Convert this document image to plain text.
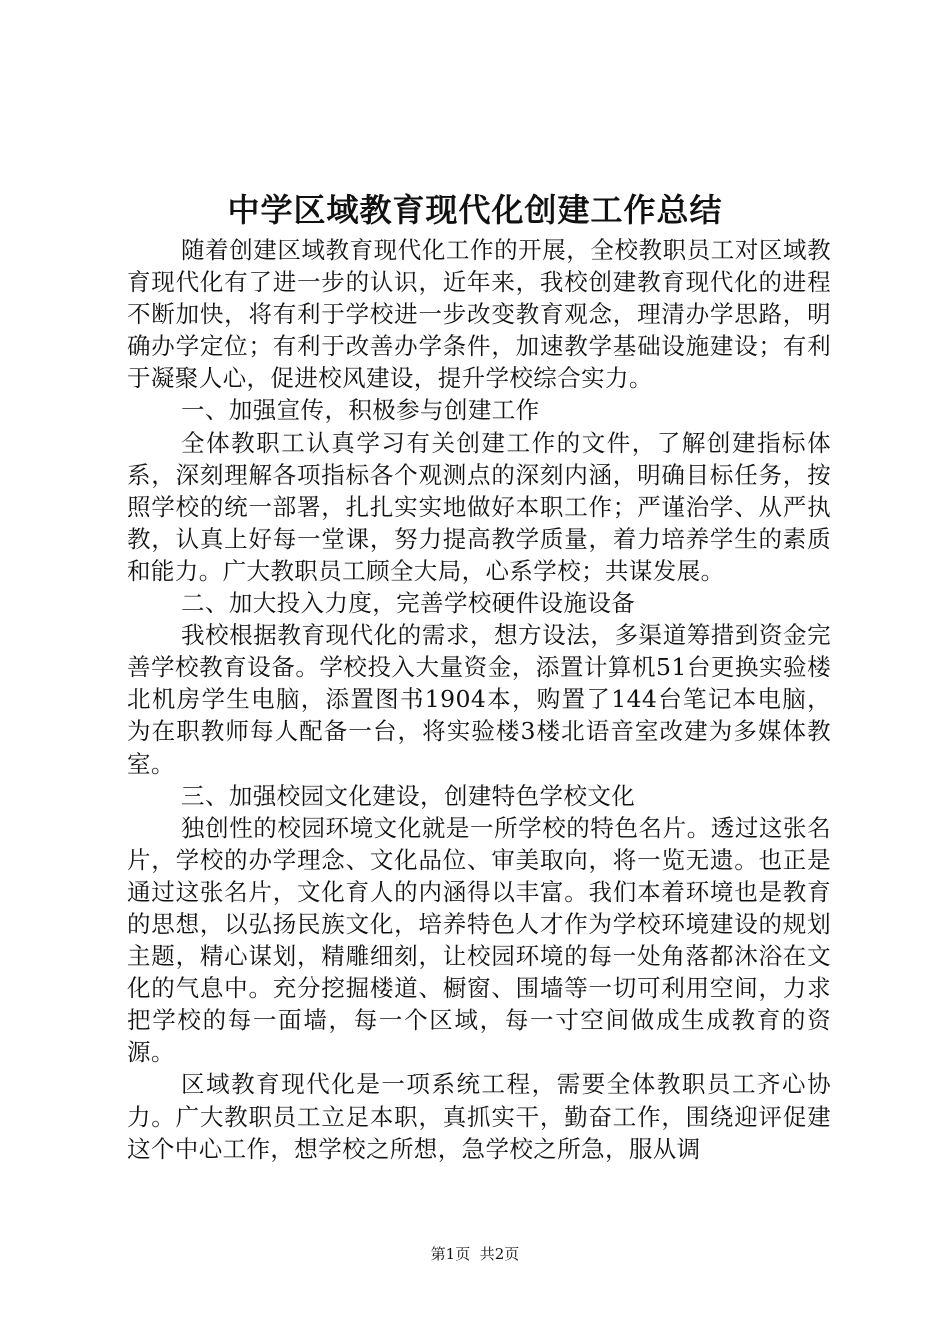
中学区域教育现代化创建工作总结

随着创建区域教育现代化工作的开展，全校教职员工对区域教育现代化有了进一步的认识，近年来，我校创建教育现代化的进程不断加快，将有利于学校进一步改变教育观念，理清办学思路，明确办学定位；有利于改善办学条件，加速教学基础设施建设；有利于凝聚人心，促进校风建设，提升学校综合实力。

一、加强宣传，积极参与创建工作

全体教职工认真学习有关创建工作的文件，了解创建指标体系，深刻理解各项指标各个观测点的深刻内涵，明确目标任务，按照学校的统一部署，扎扎实实地做好本职工作；严谨治学、从严执教，认真上好每一堂课，努力提高教学质量，着力培养学生的素质和能力。广大教职员工顾全大局，心系学校；共谋发展。

二、加大投入力度，完善学校硬件设施设备

我校根据教育现代化的需求，想方设法，多渠道筹措到资金完善学校教育设备。学校投入大量资金，添置计算机51台更换实验楼北机房学生电脑，添置图书1904本，购置了144台笔记本电脑，为在职教师每人配备一台，将实验楼3楼北语音室改建为多媒体教室。

三、加强校园文化建设，创建特色学校文化

独创性的校园环境文化就是一所学校的特色名片。透过这张名片，学校的办学理念、文化品位、审美取向，将一览无遗。也正是通过这张名片，文化育人的内涵得以丰富。我们本着环境也是教育的思想，以弘扬民族文化，培养特色人才作为学校环境建设的规划主题，精心谋划，精雕细刻，让校园环境的每一处角落都沐浴在文化的气息中。充分挖掘楼道、橱窗、围墙等一切可利用空间，力求把学校的每一面墙，每一个区域，每一寸空间做成生成教育的资源。

区域教育现代化是一项系统工程，需要全体教职员工齐心协力。广大教职员工立足本职，真抓实干，勤奋工作，围绕迎评促建这个中心工作，想学校之所想，急学校之所急，服从调

第1页 共2页
